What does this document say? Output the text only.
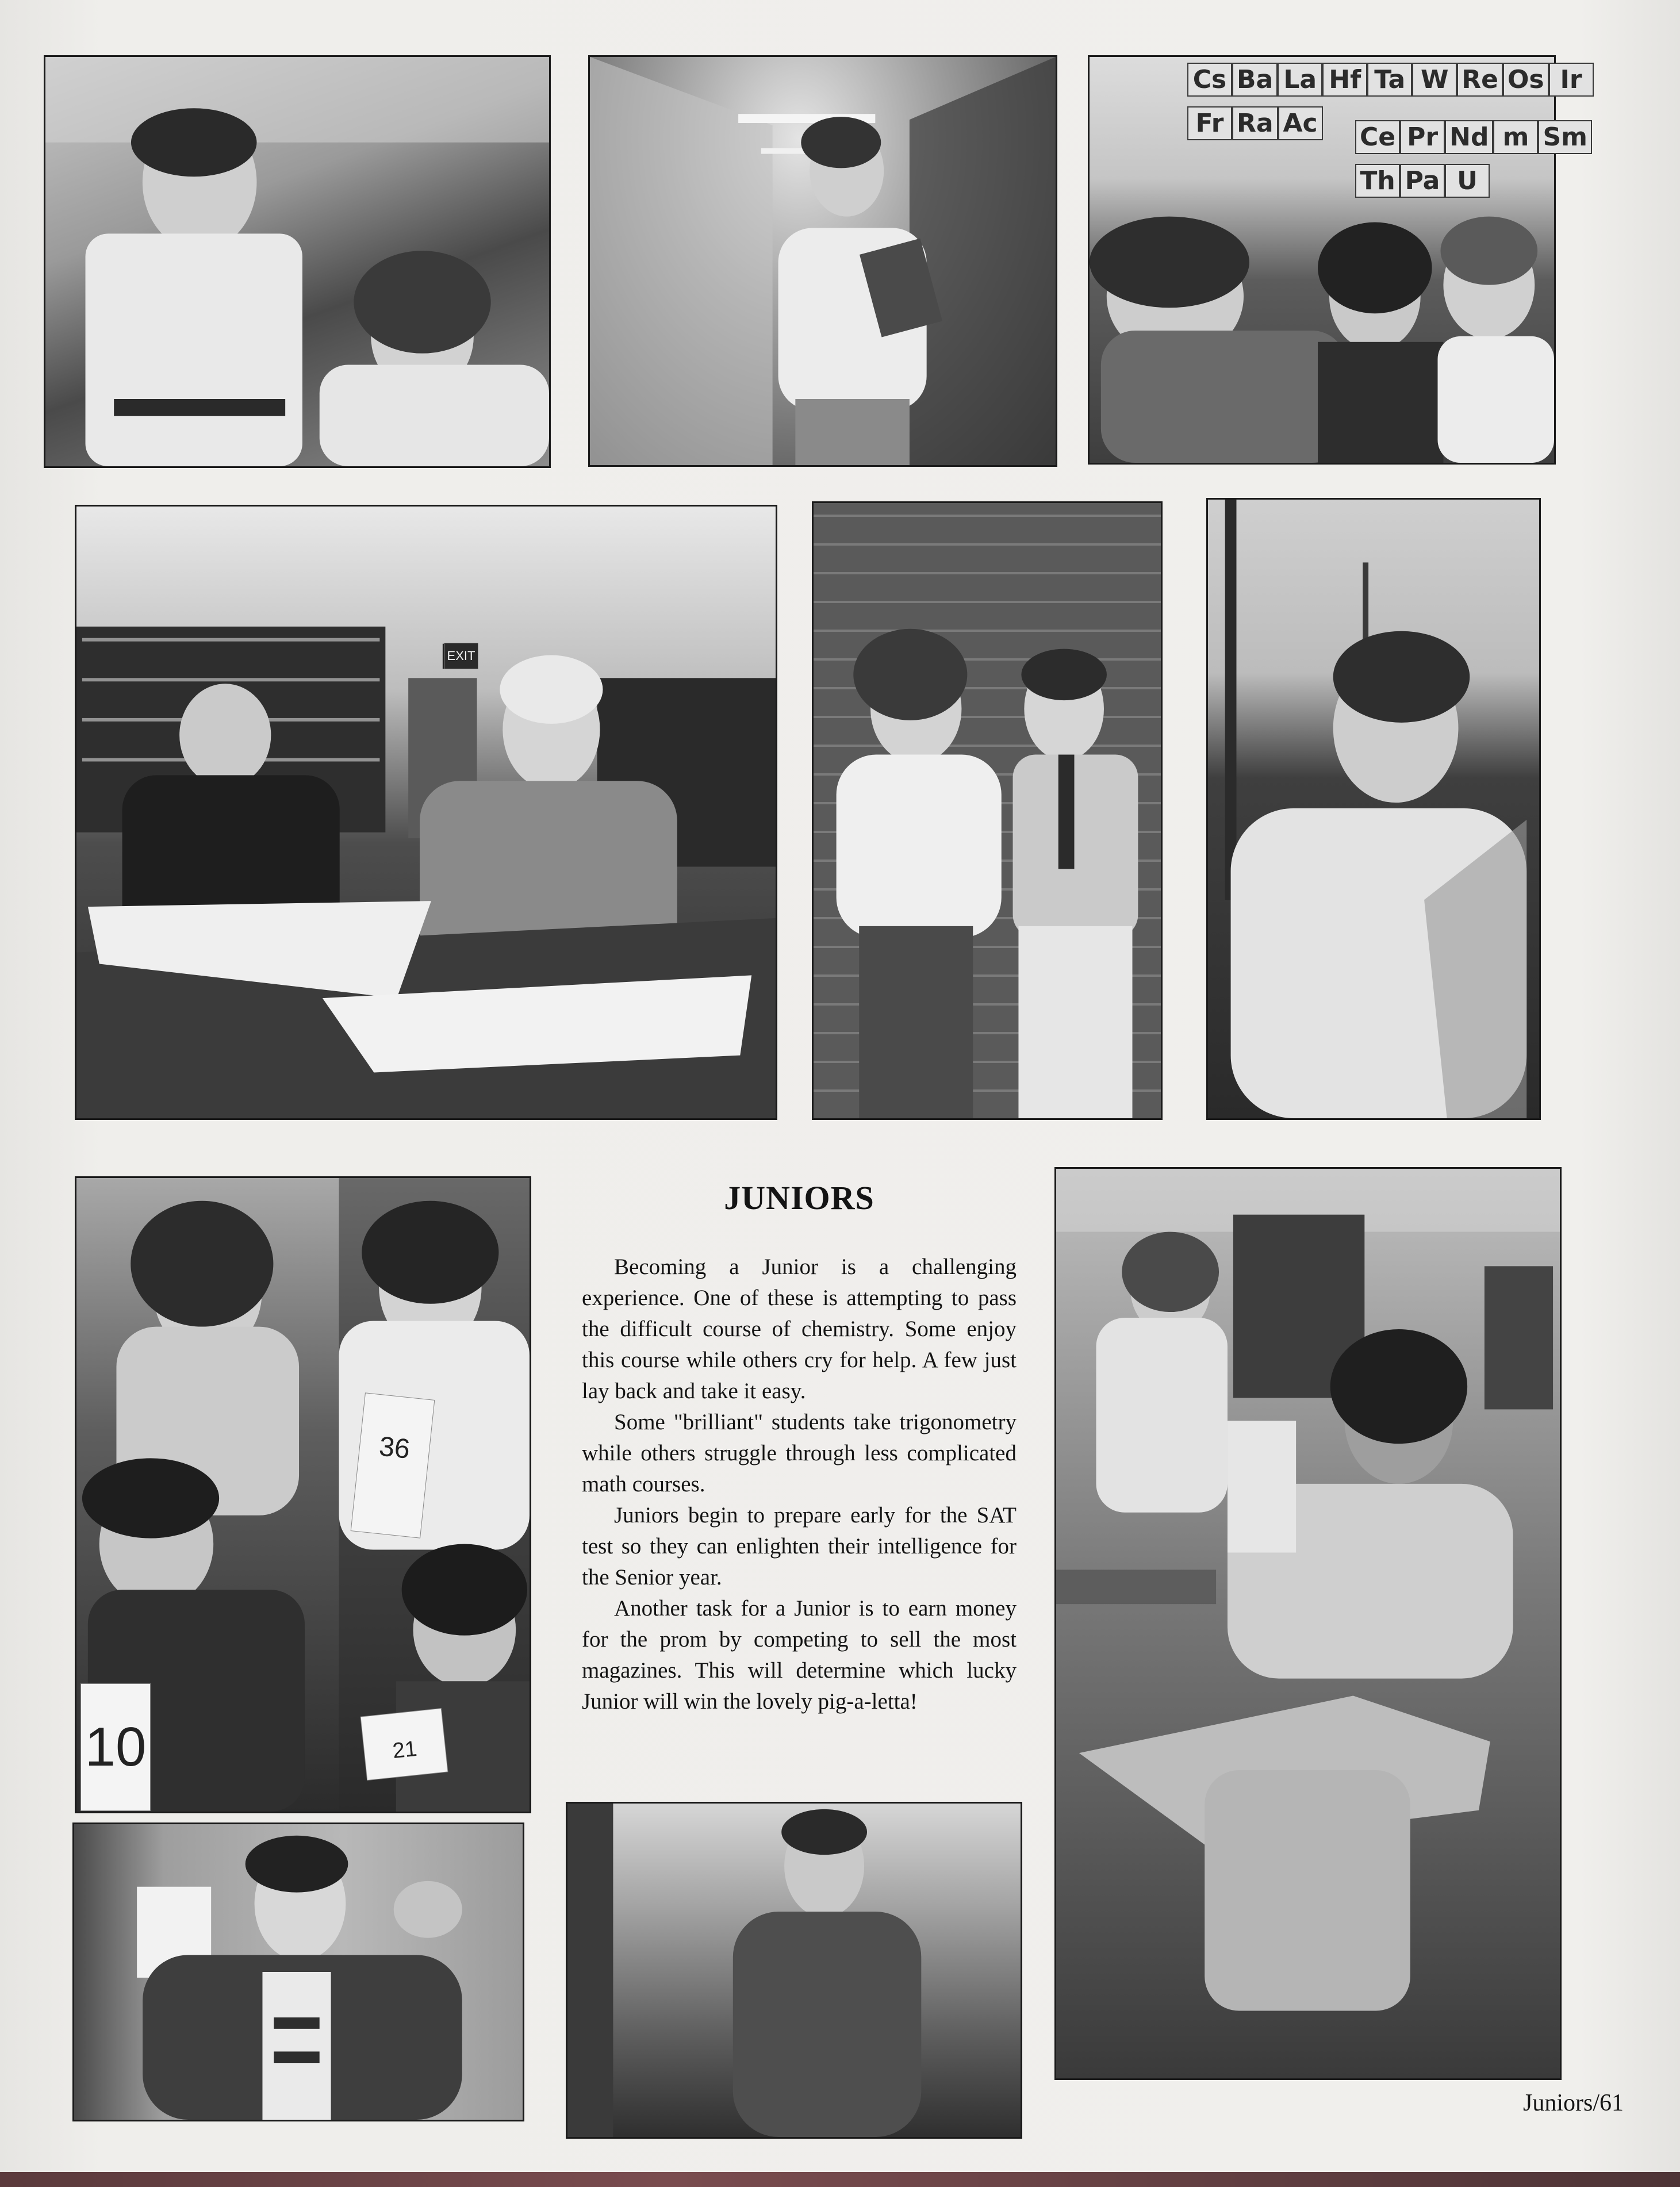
Cs Ba La Hf Ta W Re Os Ir
Fr Ra Ac Ce Pr Nd m Sm
Th Pa U
EXIT
36
10	21
JUNIORS

Becoming a Junior is a challenging experience. One of these is attempting to pass the difficult course of chemistry. Some enjoy this course while others cry for help. A few just lay back and take it easy.

Some "brilliant" students take trigonometry while others struggle through less complicated math courses.

Juniors begin to prepare early for the SAT test so they can enlighten their intelligence for the Senior year.

Another task for a Junior is to earn money for the prom by competing to sell the most magazines. This will determine which lucky Junior will win the lovely pig-a-letta!

Juniors/61
